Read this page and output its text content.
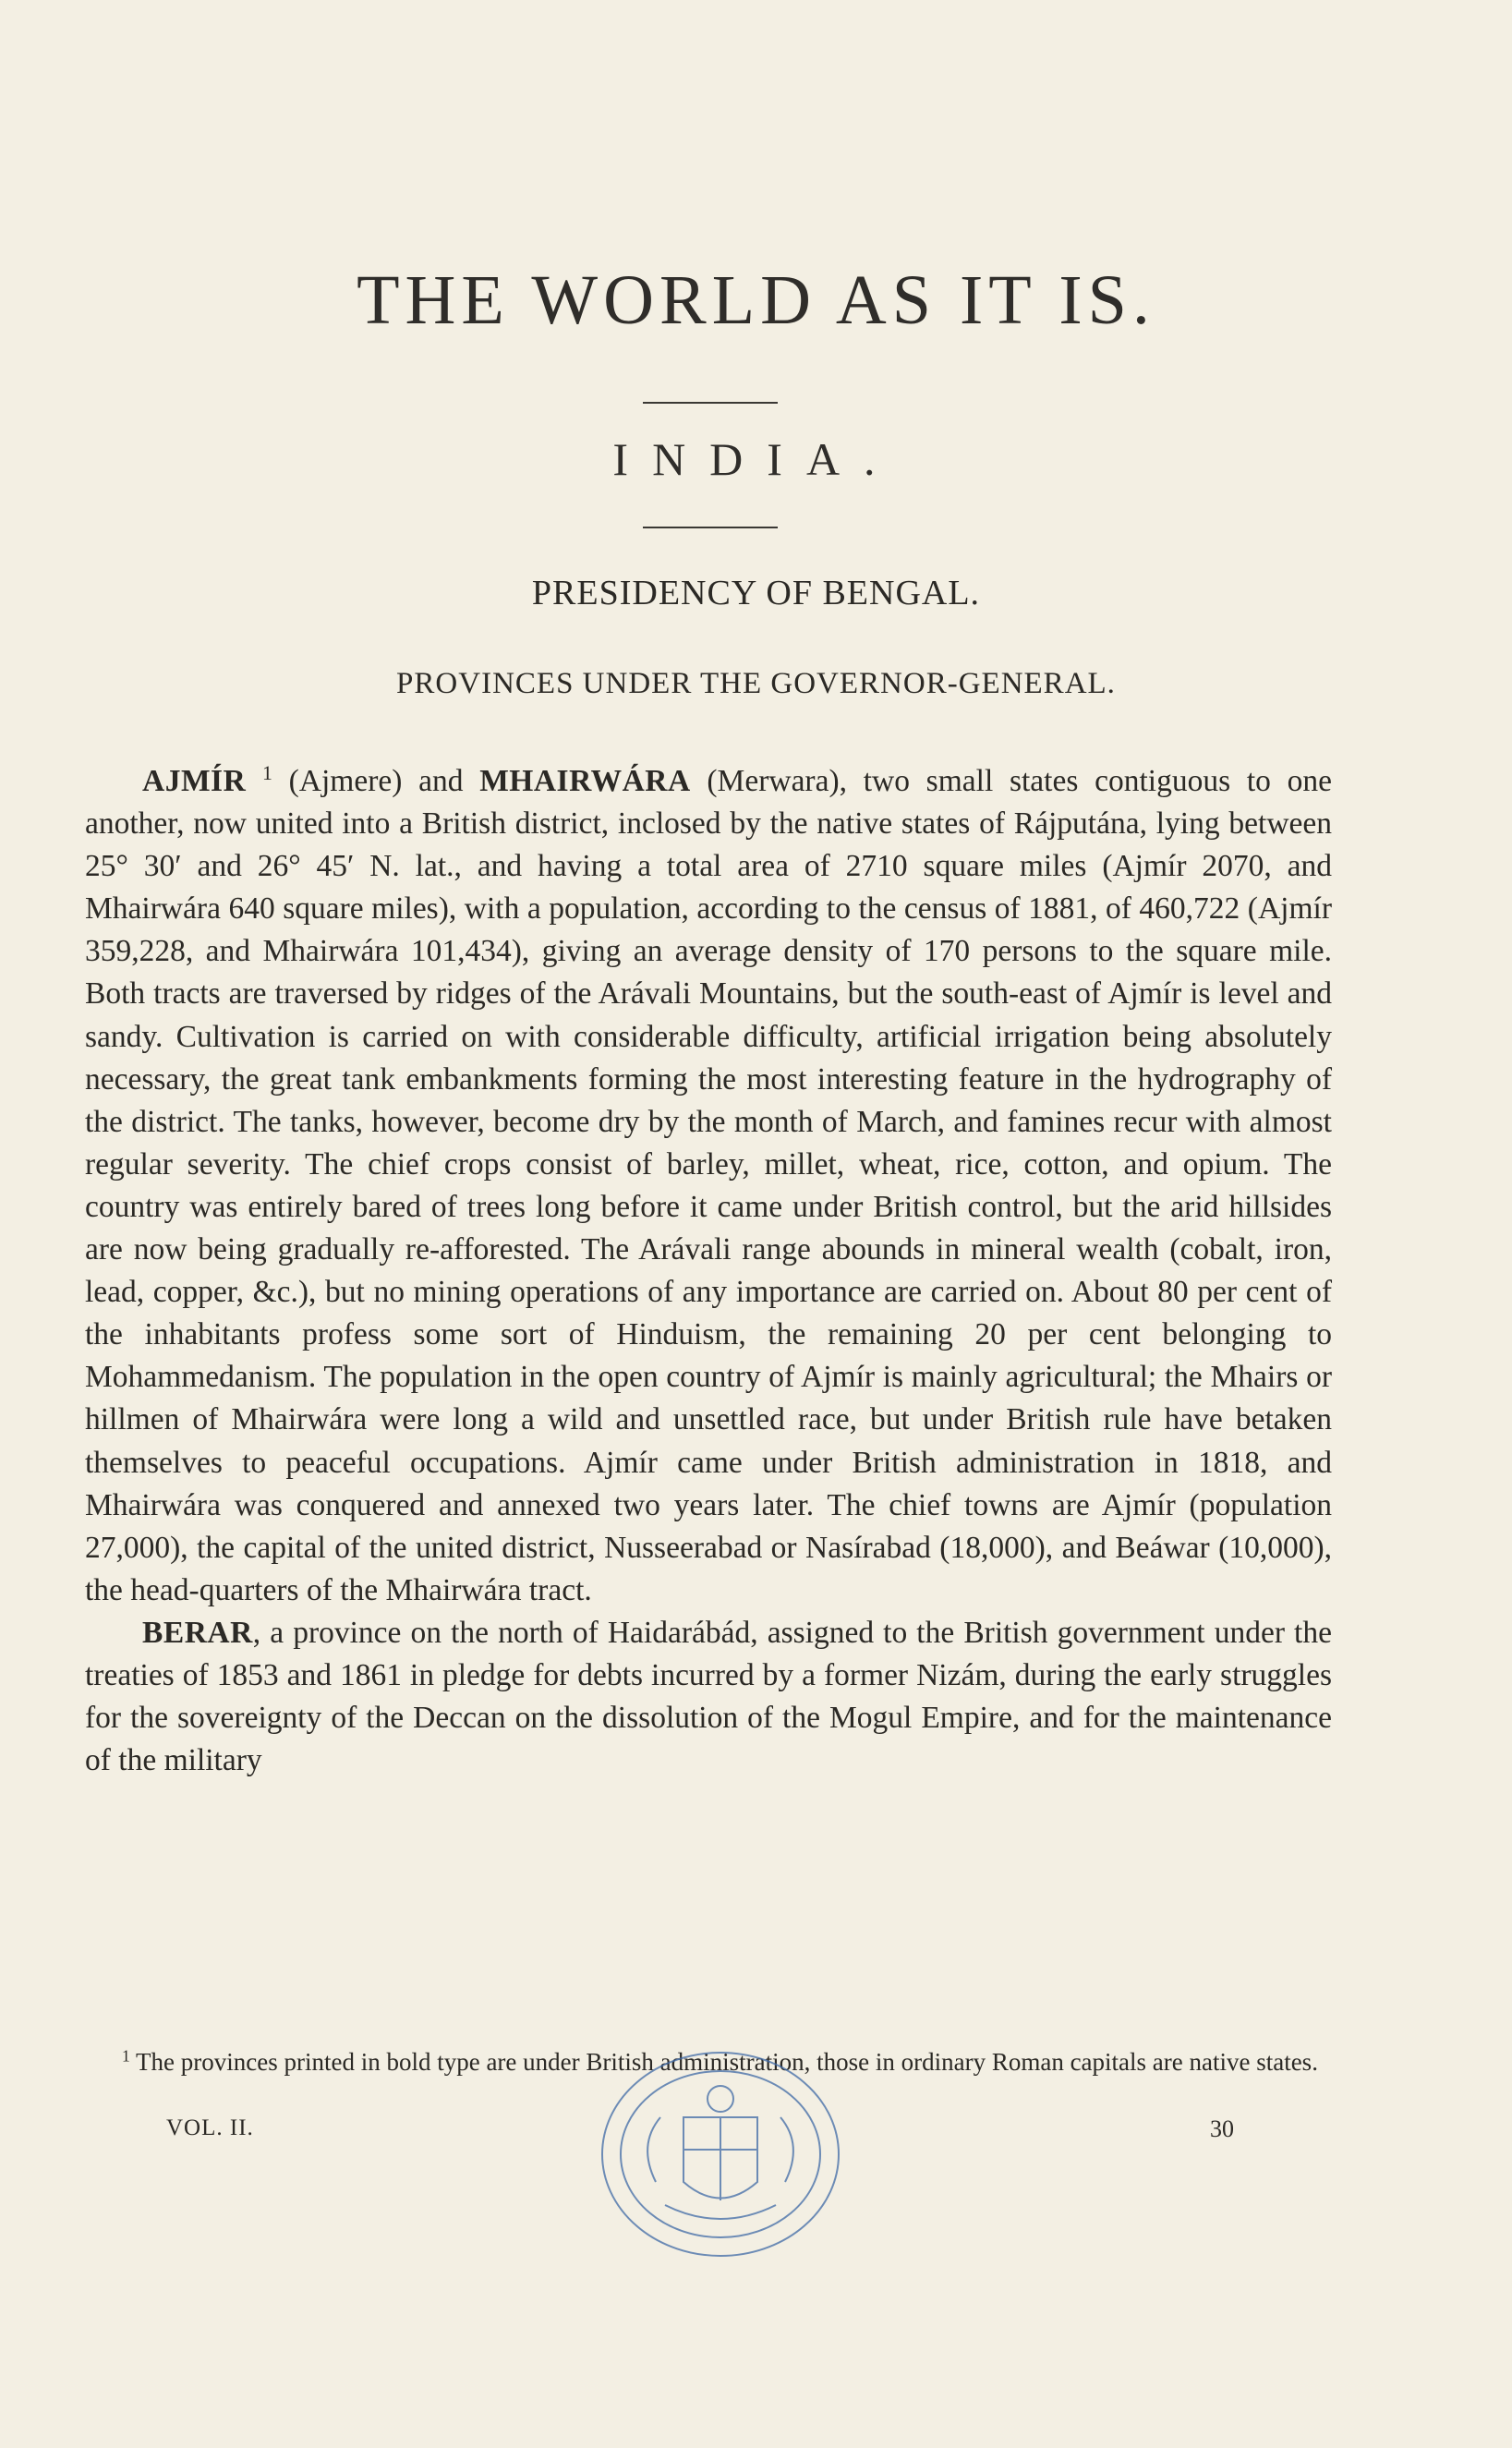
THE WORLD AS IT IS.
INDIA.
PRESIDENCY OF BENGAL.
PROVINCES UNDER THE GOVERNOR-GENERAL.

AJMÍR $^1$ (Ajmere) and MHAIRWÁRA (Merwara), two small states contiguous to one another, now united into a British district, inclosed by the native states of Rájputána, lying between 25° 30′ and 26° 45′ N. lat., and having a total area of 2710 square miles (Ajmír 2070, and Mhairwára 640 square miles), with a population, according to the census of 1881, of 460,722 (Ajmír 359,228, and Mhairwára 101,434), giving an average density of 170 persons to the square mile. Both tracts are traversed by ridges of the Arávali Mountains, but the south-east of Ajmír is level and sandy. Cultivation is carried on with considerable difficulty, artificial irrigation being absolutely necessary, the great tank embankments forming the most interesting feature in the hydrography of the district. The tanks, however, become dry by the month of March, and famines recur with almost regular severity. The chief crops consist of barley, millet, wheat, rice, cotton, and opium. The country was entirely bared of trees long before it came under British control, but the arid hillsides are now being gradually re-afforested. The Arávali range abounds in mineral wealth (cobalt, iron, lead, copper, &c.), but no mining operations of any importance are carried on. About 80 per cent of the inhabitants profess some sort of Hinduism, the remaining 20 per cent belonging to Mohammedanism. The population in the open country of Ajmír is mainly agricultural; the Mhairs or hillmen of Mhairwára were long a wild and unsettled race, but under British rule have betaken themselves to peaceful occupations. Ajmír came under British administration in 1818, and Mhairwára was conquered and annexed two years later. The chief towns are Ajmír (population 27,000), the capital of the united district, Nusseerabad or Nasírabad (18,000), and Beáwar (10,000), the head-quarters of the Mhairwára tract.

BERAR, a province on the north of Haidarábád, assigned to the British government under the treaties of 1853 and 1861 in pledge for debts incurred by a former Nizám, during the early struggles for the sovereignty of the Deccan on the dissolution of the Mogul Empire, and for the maintenance of the military

$^1$ The provinces printed in bold type are under British administration, those in ordinary Roman capitals are native states.

VOL. II.	30
